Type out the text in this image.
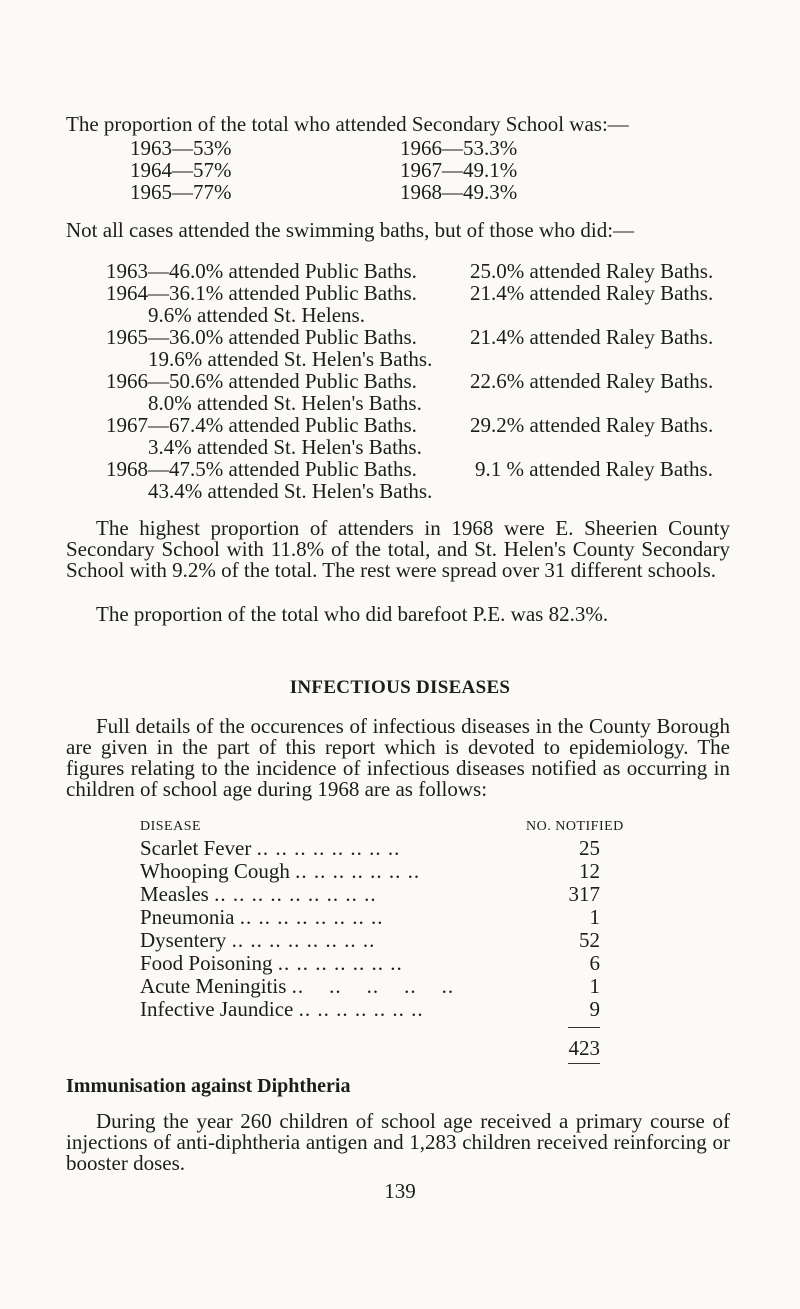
The proportion of the total who attended Secondary School was:—
1963—53%
1964—57%
1965—77%
1966—53.3%
1967—49.1%
1968—49.3%
Not all cases attended the swimming baths, but of those who did:—
1963—46.0% attended Public Baths.	25.0% attended Raley Baths.
1964—36.1% attended Public Baths.	21.4% attended Raley Baths.
9.6% attended St. Helens.
1965—36.0% attended Public Baths.	21.4% attended Raley Baths.
19.6% attended St. Helen's Baths.
1966—50.6% attended Public Baths.	22.6% attended Raley Baths.
8.0% attended St. Helen's Baths.
1967—67.4% attended Public Baths.	29.2% attended Raley Baths.
3.4% attended St. Helen's Baths.
1968—47.5% attended Public Baths.	9.1 % attended Raley Baths.
43.4% attended St. Helen's Baths.
The highest proportion of attenders in 1968 were E. Sheerien County Secondary School with 11.8% of the total, and St. Helen's County Secondary School with 9.2% of the total. The rest were spread over 31 different schools.
The proportion of the total who did barefoot P.E. was 82.3%.
INFECTIOUS DISEASES
Full details of the occurences of infectious diseases in the County Borough are given in the part of this report which is devoted to epidemiology. The figures relating to the incidence of infectious diseases notified as occurring in children of school age during 1968 are as follows:
DISEASE	NO. NOTIFIED
Scarlet Fever .. .. .. .. .. .. .. ..	25
Whooping Cough .. .. .. .. .. .. ..	12
Measles .. .. .. .. .. .. .. .. ..	317
Pneumonia .. .. .. .. .. .. .. ..	1
Dysentery .. .. .. .. .. .. .. ..	52
Food Poisoning .. .. .. .. .. .. ..	6
Acute Meningitis ..    ..    ..    ..    ..	1
Infective Jaundice .. .. .. .. .. .. ..	9
423
Immunisation against Diphtheria
During the year 260 children of school age received a primary course of injections of anti-diphtheria antigen and 1,283 children received reinforcing or booster doses.
139
